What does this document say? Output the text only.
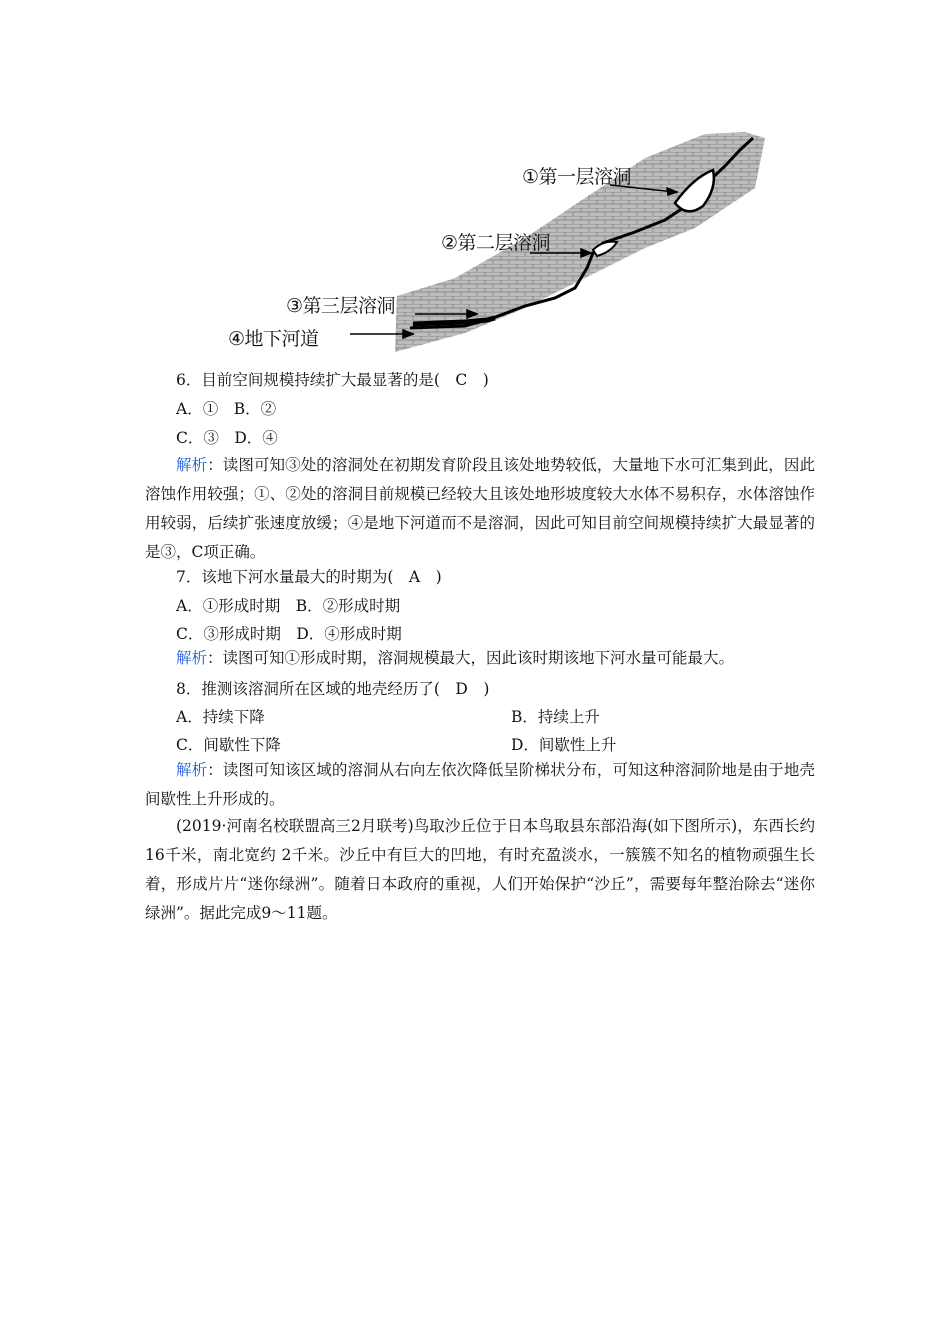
①第一层溶洞
②第二层溶洞
③第三层溶洞
④地下河道
6．目前空间规模持续扩大最显著的是(　C　)
A．①　B．②
C．③　D．④
解析：读图可知③处的溶洞处在初期发育阶段且该处地势较低，大量地下水可汇集到此，因此溶蚀作用较强；①、②处的溶洞目前规模已经较大且该处地形坡度较大水体不易积存，水体溶蚀作用较弱，后续扩张速度放缓；④是地下河道而不是溶洞，因此可知目前空间规模持续扩大最显著的是③，C项正确。
7．该地下河水量最大的时期为(　A　)
A．①形成时期　B．②形成时期
C．③形成时期　D．④形成时期
解析：读图可知①形成时期，溶洞规模最大，因此该时期该地下河水量可能最大。
8．推测该溶洞所在区域的地壳经历了(　D　)
A．持续下降	B．持续上升
C．间歇性下降	D．间歇性上升
解析：读图可知该区域的溶洞从右向左依次降低呈阶梯状分布，可知这种溶洞阶地是由于地壳间歇性上升形成的。
(2019·河南名校联盟高三2月联考)鸟取沙丘位于日本鸟取县东部沿海(如下图所示)，东西长约16千米，南北宽约 2千米。沙丘中有巨大的凹地，有时充盈淡水，一簇簇不知名的植物顽强生长着，形成片片“迷你绿洲”。随着日本政府的重视，人们开始保护“沙丘”，需要每年整治除去“迷你绿洲”。据此完成9～11题。
